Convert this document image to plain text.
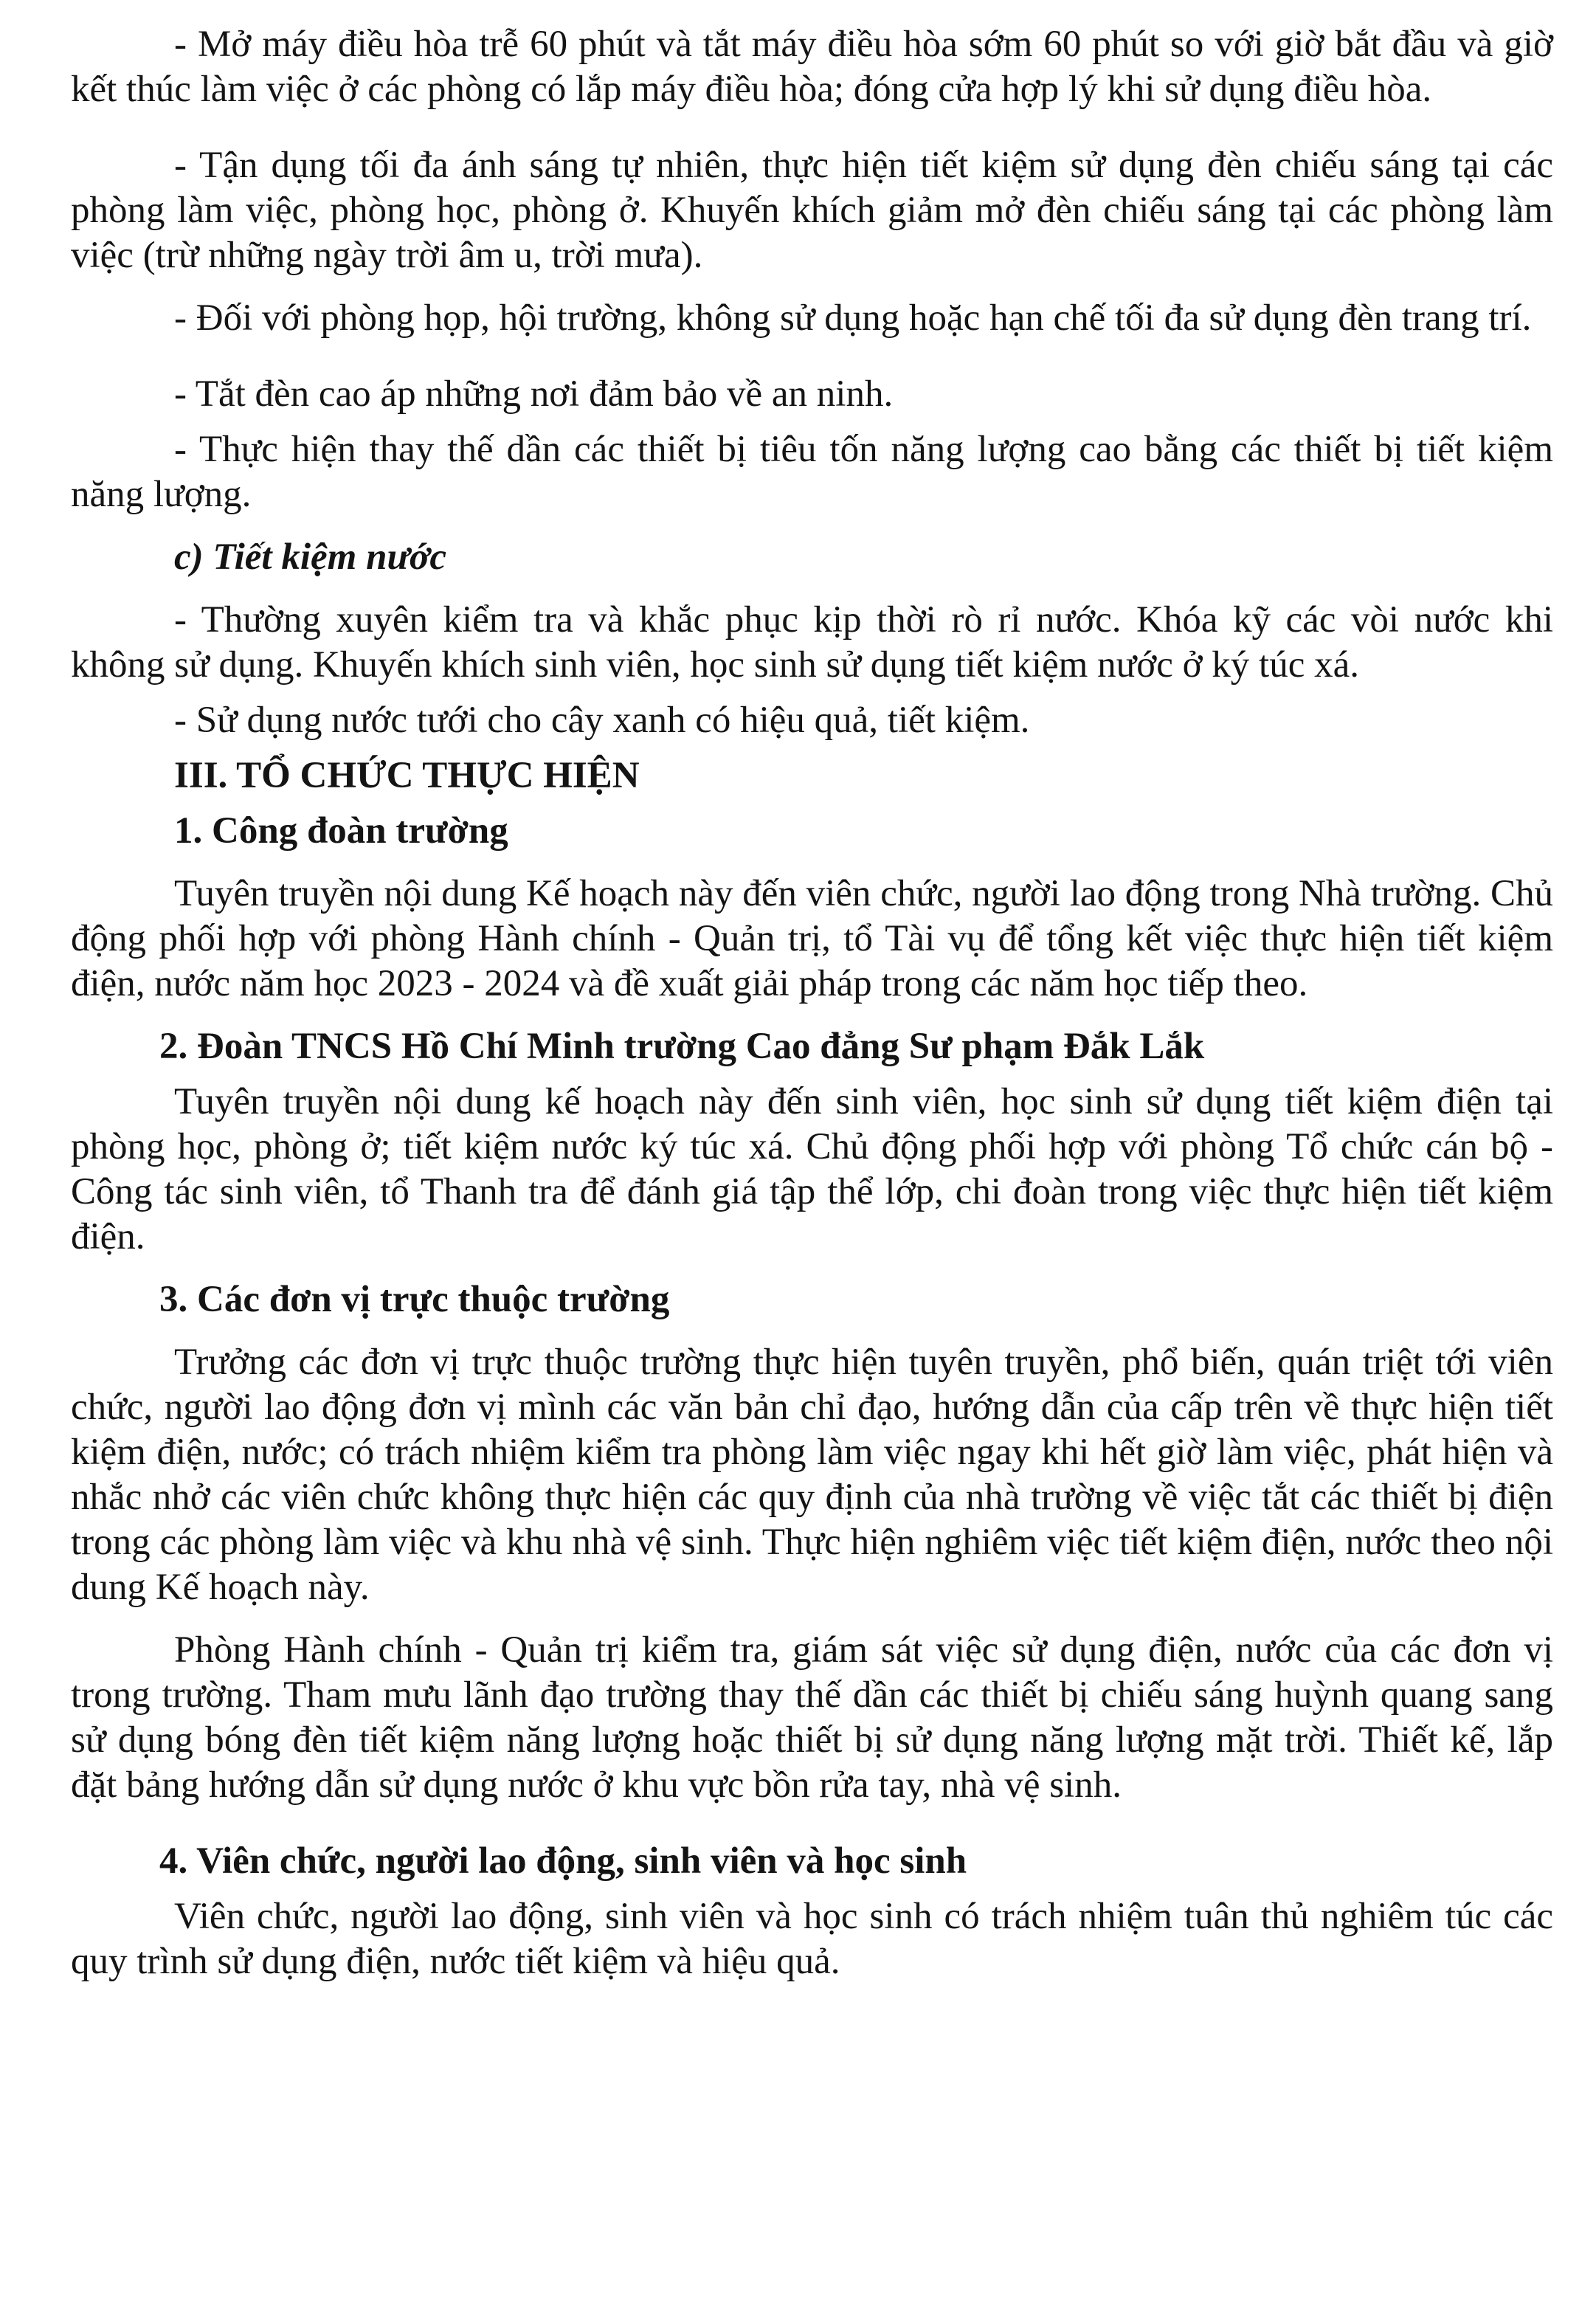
- Mở máy điều hòa trễ 60 phút và tắt máy điều hòa sớm 60 phút so với giờ bắt đầu và giờ kết thúc làm việc ở các phòng có lắp máy điều hòa; đóng cửa hợp lý khi sử dụng điều hòa.

- Tận dụng tối đa ánh sáng tự nhiên, thực hiện tiết kiệm sử dụng đèn chiếu sáng tại các phòng làm việc, phòng học, phòng ở. Khuyến khích giảm mở đèn chiếu sáng tại các phòng làm việc (trừ những ngày trời âm u, trời mưa).

- Đối với phòng họp, hội trường, không sử dụng hoặc hạn chế tối đa sử dụng đèn trang trí.

- Tắt đèn cao áp những nơi đảm bảo về an ninh.

- Thực hiện thay thế dần các thiết bị tiêu tốn năng lượng cao bằng các thiết bị tiết kiệm năng lượng.

c) Tiết kiệm nước

- Thường xuyên kiểm tra và khắc phục kịp thời rò rỉ nước. Khóa kỹ các vòi nước khi không sử dụng. Khuyến khích sinh viên, học sinh sử dụng tiết kiệm nước ở ký túc xá.

- Sử dụng nước tưới cho cây xanh có hiệu quả, tiết kiệm.

III. TỔ CHỨC THỰC HIỆN

1. Công đoàn trường

Tuyên truyền nội dung Kế hoạch này đến viên chức, người lao động trong Nhà trường. Chủ động phối hợp với phòng Hành chính - Quản trị, tổ Tài vụ để tổng kết việc thực hiện tiết kiệm điện, nước năm học 2023 - 2024 và đề xuất giải pháp trong các năm học tiếp theo.

2. Đoàn TNCS Hồ Chí Minh trường Cao đẳng Sư phạm Đắk Lắk

Tuyên truyền nội dung kế hoạch này đến sinh viên, học sinh sử dụng tiết kiệm điện tại phòng học, phòng ở; tiết kiệm nước ký túc xá. Chủ động phối hợp với phòng Tổ chức cán bộ - Công tác sinh viên, tổ Thanh tra để đánh giá tập thể lớp, chi đoàn trong việc thực hiện tiết kiệm điện.

3. Các đơn vị trực thuộc trường

Trưởng các đơn vị trực thuộc trường thực hiện tuyên truyền, phổ biến, quán triệt tới viên chức, người lao động đơn vị mình các văn bản chỉ đạo, hướng dẫn của cấp trên về thực hiện tiết kiệm điện, nước; có trách nhiệm kiểm tra phòng làm việc ngay khi hết giờ làm việc, phát hiện và nhắc nhở các viên chức không thực hiện các quy định của nhà trường về việc tắt các thiết bị điện trong các phòng làm việc và khu nhà vệ sinh. Thực hiện nghiêm việc tiết kiệm điện, nước theo nội dung Kế hoạch này.

Phòng Hành chính - Quản trị kiểm tra, giám sát việc sử dụng điện, nước của các đơn vị trong trường. Tham mưu lãnh đạo trường thay thế dần các thiết bị chiếu sáng huỳnh quang sang sử dụng bóng đèn tiết kiệm năng lượng hoặc thiết bị sử dụng năng lượng mặt trời. Thiết kế, lắp đặt bảng hướng dẫn sử dụng nước ở khu vực bồn rửa tay, nhà vệ sinh.

4. Viên chức, người lao động, sinh viên và học sinh

Viên chức, người lao động, sinh viên và học sinh có trách nhiệm tuân thủ nghiêm túc các quy trình sử dụng điện, nước tiết kiệm và hiệu quả.
